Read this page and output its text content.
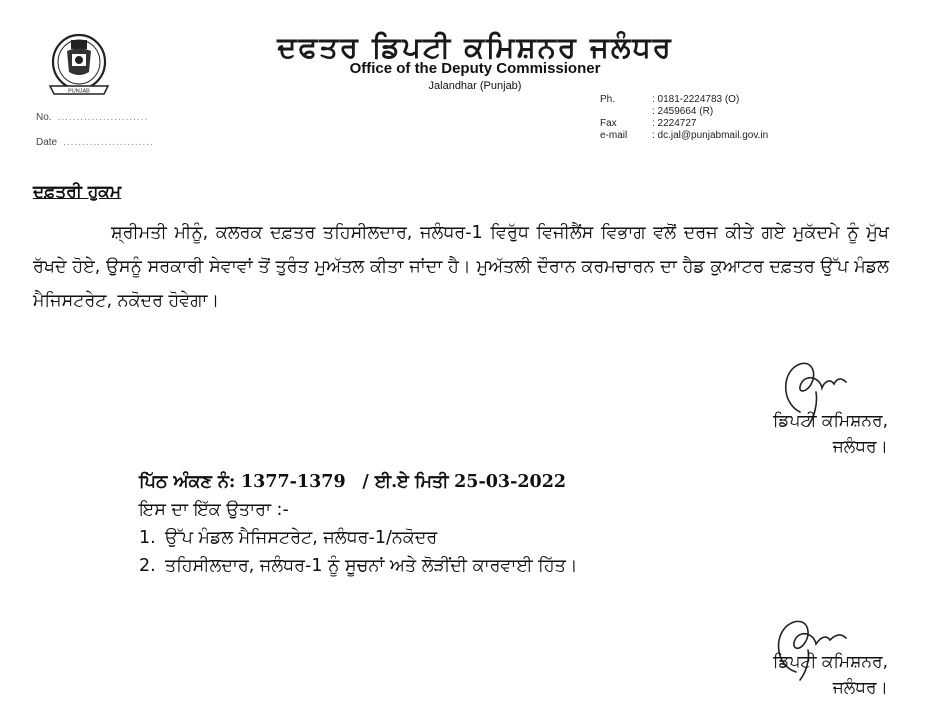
PUNJAB
ਦਫਤਰ ਡਿਪਟੀ ਕਮਿਸ਼ਨਰ ਜਲੰਧਰ
Office of the Deputy Commissioner
Jalandhar (Punjab)
No. ........................
Date ........................
Ph.	: 0181-2224783 (O)
: 2459664 (R)
Fax	: 2224727
e-mail	: dc.jal@punjabmail.gov.in
ਦਫ਼ਤਰੀ ਹੁਕਮ
ਸ਼੍ਰੀਮਤੀ ਮੀਨੂੰ, ਕਲਰਕ ਦਫ਼ਤਰ ਤਹਿਸੀਲਦਾਰ, ਜਲੰਧਰ-1 ਵਿਰੁੱਧ ਵਿਜੀਲੈਂਸ ਵਿਭਾਗ ਵਲੋਂ ਦਰਜ ਕੀਤੇ ਗਏ ਮੁਕੱਦਮੇ ਨੂੰ ਮੁੱਖ ਰੱਖਦੇ ਹੋਏ, ਉਸਨੂੰ ਸਰਕਾਰੀ ਸੇਵਾਵਾਂ ਤੋਂ ਤੁਰੰਤ ਮੁਅੱਤਲ ਕੀਤਾ ਜਾਂਦਾ ਹੈ। ਮੁਅੱਤਲੀ ਦੌਰਾਨ ਕਰਮਚਾਰਨ ਦਾ ਹੈਡ ਕੁਆਟਰ ਦਫ਼ਤਰ ਉੱਪ ਮੰਡਲ ਮੈਜਿਸਟਰੇਟ, ਨਕੋਦਰ ਹੋਵੇਗਾ।
ਡਿਪਟੀ ਕਮਿਸ਼ਨਰ,
ਜਲੰਧਰ।
ਪਿੱਠ ਅੰਕਣ ਨੰ: 1377-1379 / ਈ.ਏ ਮਿਤੀ 25-03-2022
ਇਸ ਦਾ ਇੱਕ ਉਤਾਰਾ :-
1. ਉੱਪ ਮੰਡਲ ਮੈਜਿਸਟਰੇਟ, ਜਲੰਧਰ-1/ਨਕੋਦਰ
2. ਤਹਿਸੀਲਦਾਰ, ਜਲੰਧਰ-1 ਨੂੰ ਸੂਚਨਾਂ ਅਤੇ ਲੋੜੀਂਦੀ ਕਾਰਵਾਈ ਹਿੱਤ।
ਡਿਪਟੀ ਕਮਿਸ਼ਨਰ,
ਜਲੰਧਰ।
